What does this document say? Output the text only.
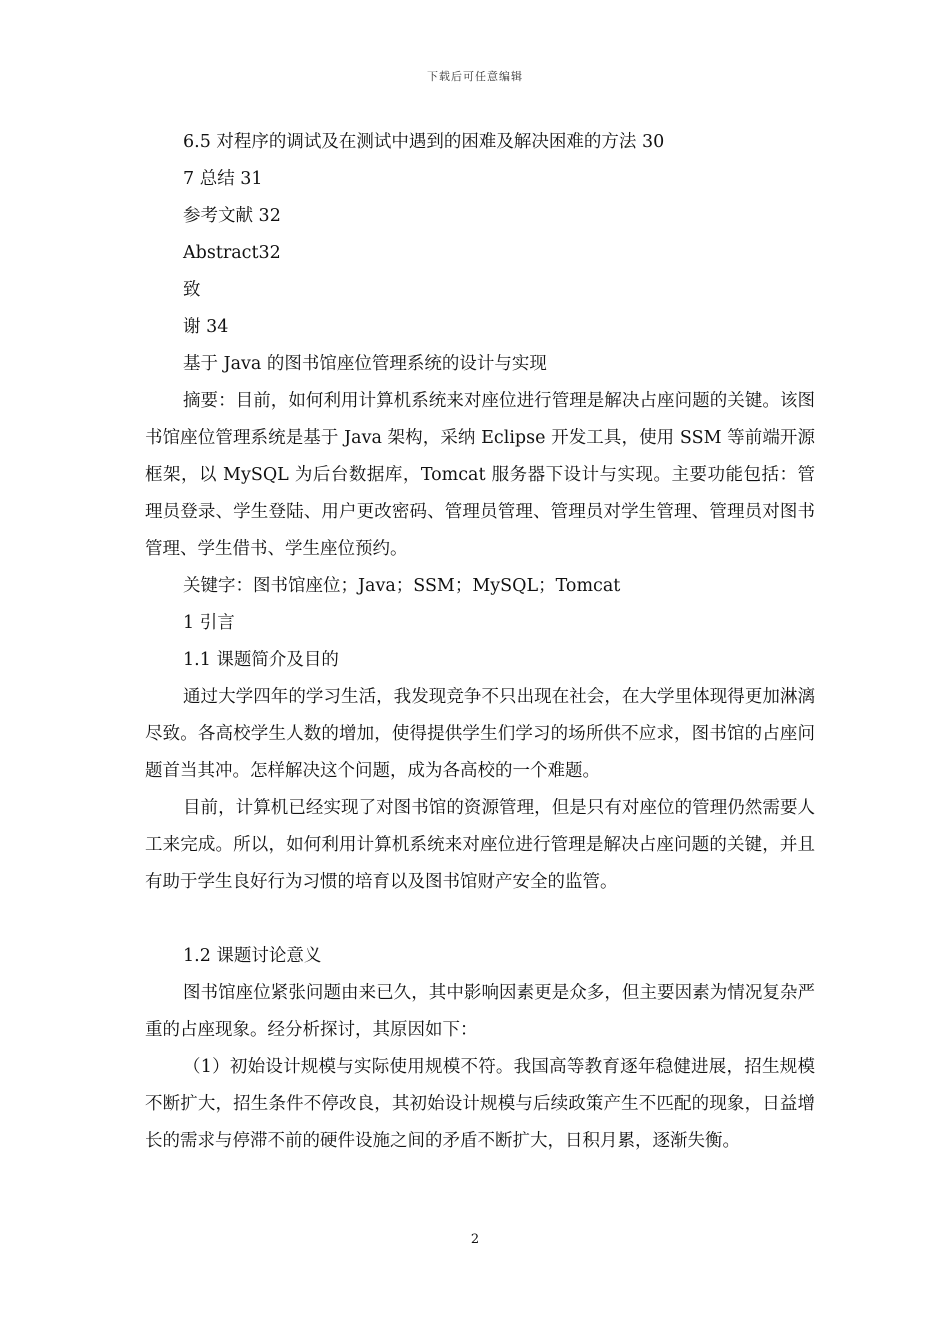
下载后可任意编辑
6.5 对程序的调试及在测试中遇到的困难及解决困难的方法 30
7 总结 31
参考文献 32
Abstract32
致
谢 34
基于 Java 的图书馆座位管理系统的设计与实现

摘要：目前，如何利用计算机系统来对座位进行管理是解决占座问题的关键。该图书馆座位管理系统是基于 Java 架构，采纳 Eclipse 开发工具，使用 SSM 等前端开源框架，以 MySQL 为后台数据库，Tomcat 服务器下设计与实现。主要功能包括：管理员登录、学生登陆、用户更改密码、管理员管理、管理员对学生管理、管理员对图书管理、学生借书、学生座位预约。

关键字：图书馆座位；Java；SSM；MySQL；Tomcat

1 引言
1.1 课题简介及目的

通过大学四年的学习生活，我发现竞争不只出现在社会，在大学里体现得更加淋漓尽致。各高校学生人数的增加，使得提供学生们学习的场所供不应求，图书馆的占座问题首当其冲。怎样解决这个问题，成为各高校的一个难题。

目前，计算机已经实现了对图书馆的资源管理，但是只有对座位的管理仍然需要人工来完成。所以，如何利用计算机系统来对座位进行管理是解决占座问题的关键，并且有助于学生良好行为习惯的培育以及图书馆财产安全的监管。

1.2 课题讨论意义

图书馆座位紧张问题由来已久，其中影响因素更是众多，但主要因素为情况复杂严重的占座现象。经分析探讨，其原因如下：

（1）初始设计规模与实际使用规模不符。我国高等教育逐年稳健进展，招生规模不断扩大，招生条件不停改良，其初始设计规模与后续政策产生不匹配的现象，日益增长的需求与停滞不前的硬件设施之间的矛盾不断扩大，日积月累，逐渐失衡。

2
